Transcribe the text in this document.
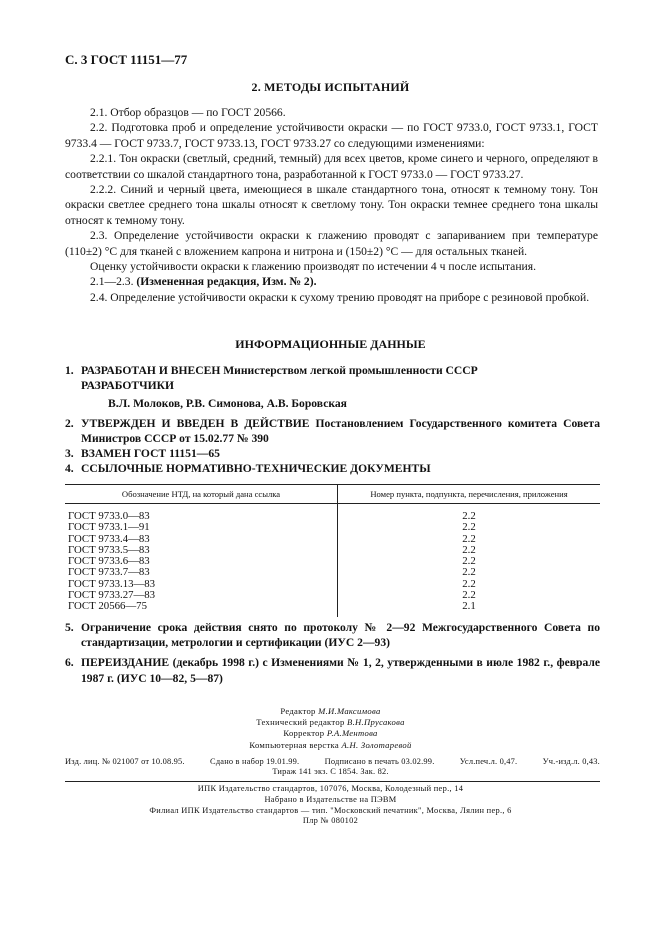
С. 3 ГОСТ 11151—77
2. МЕТОДЫ ИСПЫТАНИЙ

2.1. Отбор образцов — по ГОСТ 20566.

2.2. Подготовка проб и определение устойчивости окраски — по ГОСТ 9733.0, ГОСТ 9733.1, ГОСТ 9733.4 — ГОСТ 9733.7, ГОСТ 9733.13, ГОСТ 9733.27 со следующими изменениями:

2.2.1. Тон окраски (светлый, средний, темный) для всех цветов, кроме синего и черного, определяют в соответствии со шкалой стандартного тона, разработанной к ГОСТ 9733.0 — ГОСТ 9733.27.

2.2.2. Синий и черный цвета, имеющиеся в шкале стандартного тона, относят к темному тону. Тон окраски светлее среднего тона шкалы относят к светлому тону. Тон окраски темнее среднего тона шкалы относят к темному тону.

2.3. Определение устойчивости окраски к глажению проводят с запариванием при температуре (110±2) °С для тканей с вложением капрона и нитрона и (150±2) °С — для остальных тканей.

Оценку устойчивости окраски к глажению производят по истечении 4 ч после испытания.

2.1—2.3. (Измененная редакция, Изм. № 2).

2.4. Определение устойчивости окраски к сухому трению проводят на приборе с резиновой пробкой.

ИНФОРМАЦИОННЫЕ ДАННЫЕ
1. РАЗРАБОТАН И ВНЕСЕН Министерством легкой промышленности СССР
РАЗРАБОТЧИКИ
В.Л. Молоков, Р.В. Симонова, А.В. Боровская
2. УТВЕРЖДЕН И ВВЕДЕН В ДЕЙСТВИЕ Постановлением Государственного комитета Совета Министров СССР от 15.02.77 № 390
3. ВЗАМЕН ГОСТ 11151—65
4. ССЫЛОЧНЫЕ НОРМАТИВНО-ТЕХНИЧЕСКИЕ ДОКУМЕНТЫ
Обозначение НТД, на который дана ссылка	Номер пункта, подпункта, перечисления, приложения
ГОСТ 9733.0—83	2.2
ГОСТ 9733.1—91	2.2
ГОСТ 9733.4—83	2.2
ГОСТ 9733.5—83	2.2
ГОСТ 9733.6—83	2.2
ГОСТ 9733.7—83	2.2
ГОСТ 9733.13—83	2.2
ГОСТ 9733.27—83	2.2
ГОСТ 20566—75	2.1
5. Ограничение срока действия снято по протоколу № 2—92 Межгосударственного Совета по стандартизации, метрологии и сертификации (ИУС 2—93)
6. ПЕРЕИЗДАНИЕ (декабрь 1998 г.) с Изменениями № 1, 2, утвержденными в июле 1982 г., феврале 1987 г. (ИУС 10—82, 5—87)
Редактор М.И.Максимова
Технический редактор В.Н.Прусакова
Корректор Р.А.Ментова
Компьютерная верстка А.Н. Золотаревой
Изд. лиц. № 021007 от 10.08.95.	Сдано в набор 19.01.99.	Подписано в печать 03.02.99.	Усл.печ.л. 0,47.	Уч.-изд.л. 0,43.
Тираж 141 экз. С 1854. Зак. 82.
ИПК Издательство стандартов, 107076, Москва, Колодезный пер., 14
Набрано в Издательстве на ПЭВМ
Филиал ИПК Издательство стандартов — тип. "Московский печатник", Москва, Лялин пер., 6
Плр № 080102
